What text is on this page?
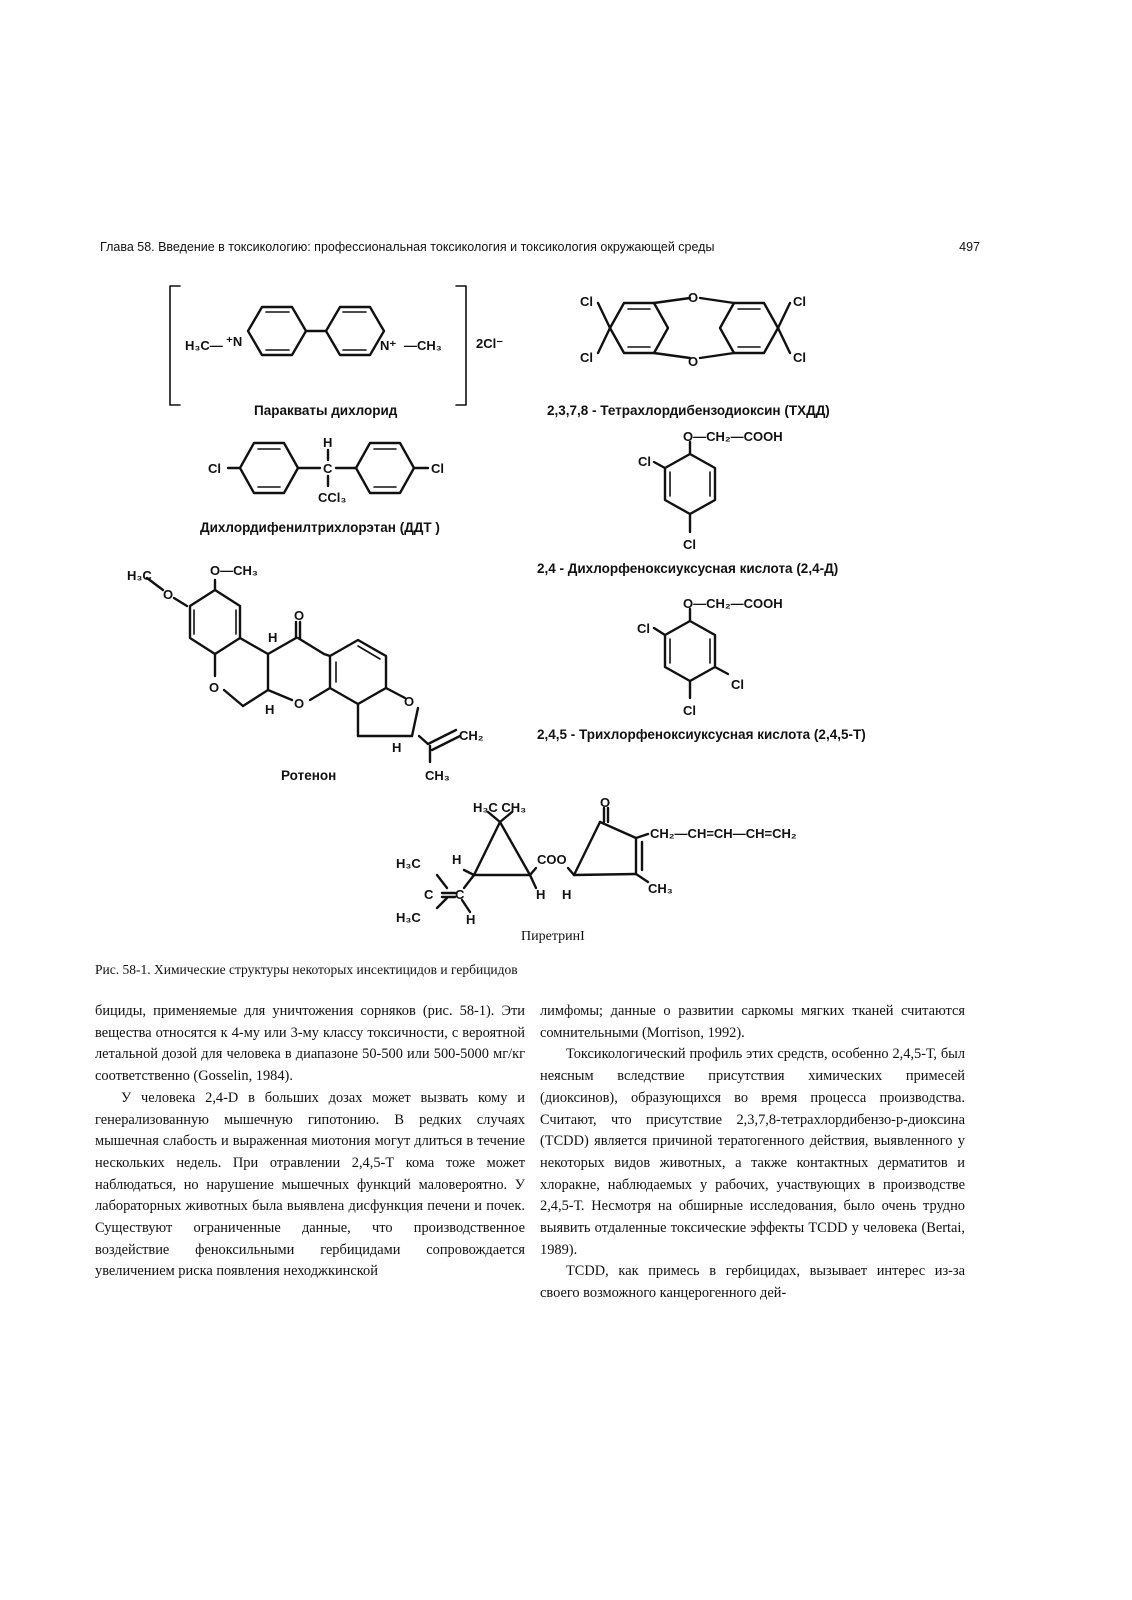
Глава 58. Введение в токсикологию: профессиональная токсикология и токсикология окружающей среды	497
H₃C— ⁺N	N⁺ —CH₃	2Cl⁻
Паракваты дихлорид
Cl
Cl
Cl
Cl
O
O
2,3,7,8 - Тетрахлордибензодиоксин (ТХДД)
Cl	Cl
H
C
CCl₃
Дихлордифенилтрихлорэтан (ДДТ )
O—CH₂—COOH
Cl
Cl
2,4 - Дихлорфеноксиуксусная кислота (2,4-Д)
O—CH₂—COOH
Cl
Cl
Cl
2,4,5 - Трихлорфеноксиуксусная кислота (2,4,5-Т)
H₃C
O
O—CH₃
O
O
O	O
H
H
H
CH₂
CH₃
Ротенон
H₃C CH₃
H₃C
H₃C
C C
H
H
H H
COO
O
CH₂—CH=CH—CH=CH₂
CH₃
ПиретринI
Рис. 58-1. Химические структуры некоторых инсектицидов и гербицидов

бициды, применяемые для уничтожения сорняков (рис. 58-1). Эти вещества относятся к 4-му или 3-му классу токсичности, с вероятной летальной дозой для человека в диапазоне 50-500 или 500-5000 мг/кг соответственно (Gosselin, 1984).

У человека 2,4-D в больших дозах может вызвать кому и генерализованную мышечную гипотонию. В редких случаях мышечная слабость и выраженная миотония могут длиться в течение нескольких недель. При отравлении 2,4,5-Т кома тоже может наблюдаться, но нарушение мышечных функций маловероятно. У лабораторных животных была выявлена дисфункция печени и почек. Существуют ограниченные данные, что производственное воздействие феноксильными гербицидами сопровождается увеличением риска появления неходжкинской

лимфомы; данные о развитии саркомы мягких тканей считаются сомнительными (Morrison, 1992).

Токсикологический профиль этих средств, особенно 2,4,5-Т, был неясным вследствие присутствия химических примесей (диоксинов), образующихся во время процесса производства. Считают, что присутствие 2,3,7,8-тетрахлордибензо-р-диоксина (TCDD) является причиной тератогенного действия, выявленного у некоторых видов животных, а также контактных дерматитов и хлоракне, наблюдаемых у рабочих, участвующих в производстве 2,4,5-Т. Несмотря на обширные исследования, было очень трудно выявить отдаленные токсические эффекты TCDD у человека (Bertai, 1989).

TCDD, как примесь в гербицидах, вызывает интерес из-за своего возможного канцерогенного дей-
